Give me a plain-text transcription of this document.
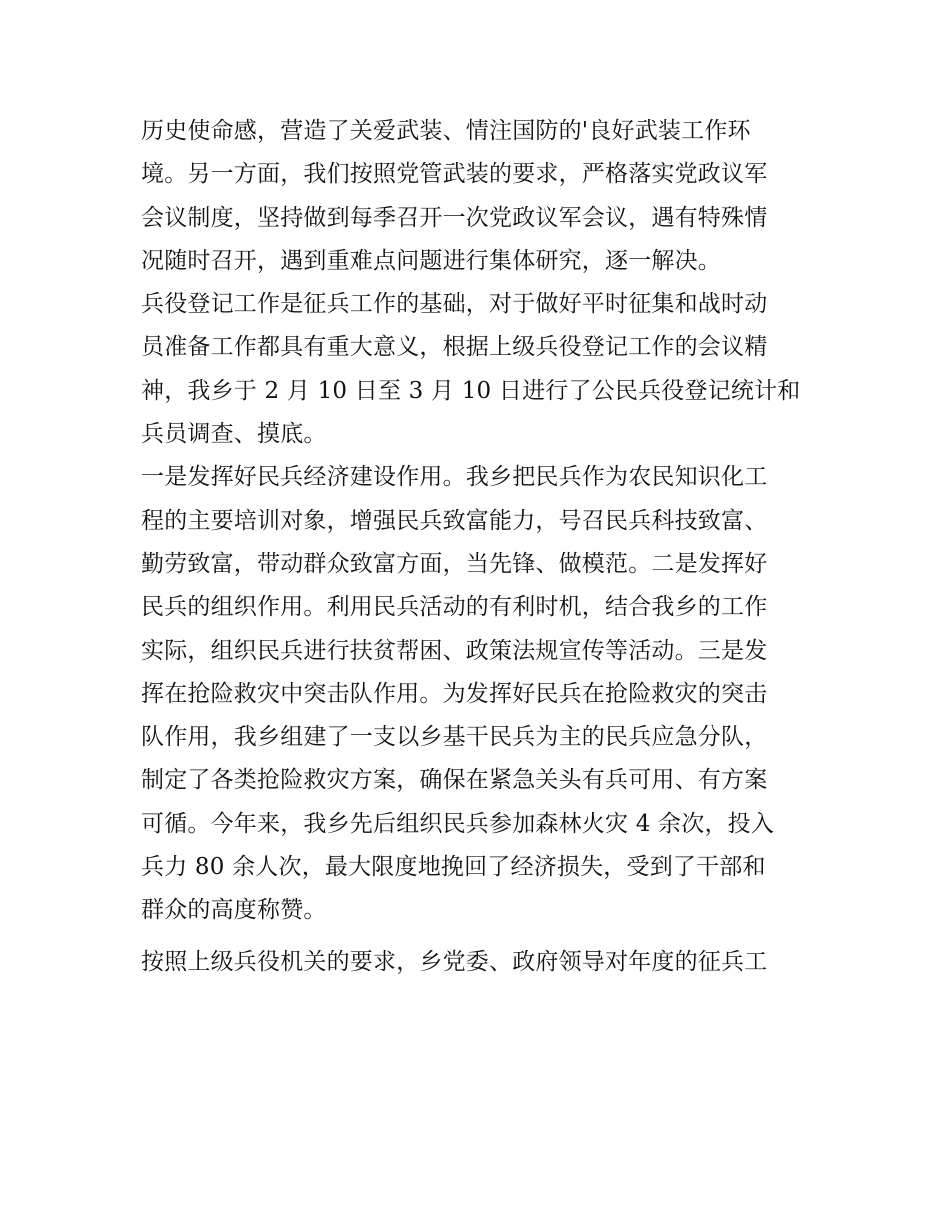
历史使命感，营造了关爱武装、情注国防的'良好武装工作环
境。另一方面，我们按照党管武装的要求，严格落实党政议军
会议制度，坚持做到每季召开一次党政议军会议，遇有特殊情
况随时召开，遇到重难点问题进行集体研究，逐一解决。
兵役登记工作是征兵工作的基础，对于做好平时征集和战时动
员准备工作都具有重大意义，根据上级兵役登记工作的会议精
神，我乡于 2 月 10 日至 3 月 10 日进行了公民兵役登记统计和
兵员调查、摸底。
一是发挥好民兵经济建设作用。我乡把民兵作为农民知识化工
程的主要培训对象，增强民兵致富能力，号召民兵科技致富、
勤劳致富，带动群众致富方面，当先锋、做模范。二是发挥好
民兵的组织作用。利用民兵活动的有利时机，结合我乡的工作
实际，组织民兵进行扶贫帮困、政策法规宣传等活动。三是发
挥在抢险救灾中突击队作用。为发挥好民兵在抢险救灾的突击
队作用，我乡组建了一支以乡基干民兵为主的民兵应急分队，
制定了各类抢险救灾方案，确保在紧急关头有兵可用、有方案
可循。今年来，我乡先后组织民兵参加森林火灾 4 余次，投入
兵力 80 余人次，最大限度地挽回了经济损失，受到了干部和
群众的高度称赞。
按照上级兵役机关的要求，乡党委、政府领导对年度的征兵工
